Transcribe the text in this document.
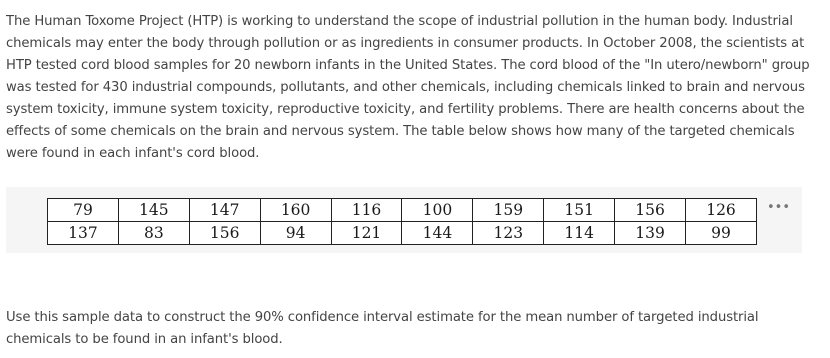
The Human Toxome Project (HTP) is working to understand the scope of industrial pollution in the human body. Industrial chemicals may enter the body through pollution or as ingredients in consumer products. In October 2008, the scientists at HTP tested cord blood samples for 20 newborn infants in the United States. The cord blood of the "In utero/newborn" group was tested for 430 industrial compounds, pollutants, and other chemicals, including chemicals linked to brain and nervous system toxicity, immune system toxicity, reproductive toxicity, and fertility problems. There are health concerns about the effects of some chemicals on the brain and nervous system. The table below shows how many of the targeted chemicals were found in each infant's cord blood.

79	145	147	160	116	100	159	151	156	126
137	83	156	94	121	144	123	114	139	99
•••

Use this sample data to construct the 90% confidence interval estimate for the mean number of targeted industrial chemicals to be found in an infant's blood.
